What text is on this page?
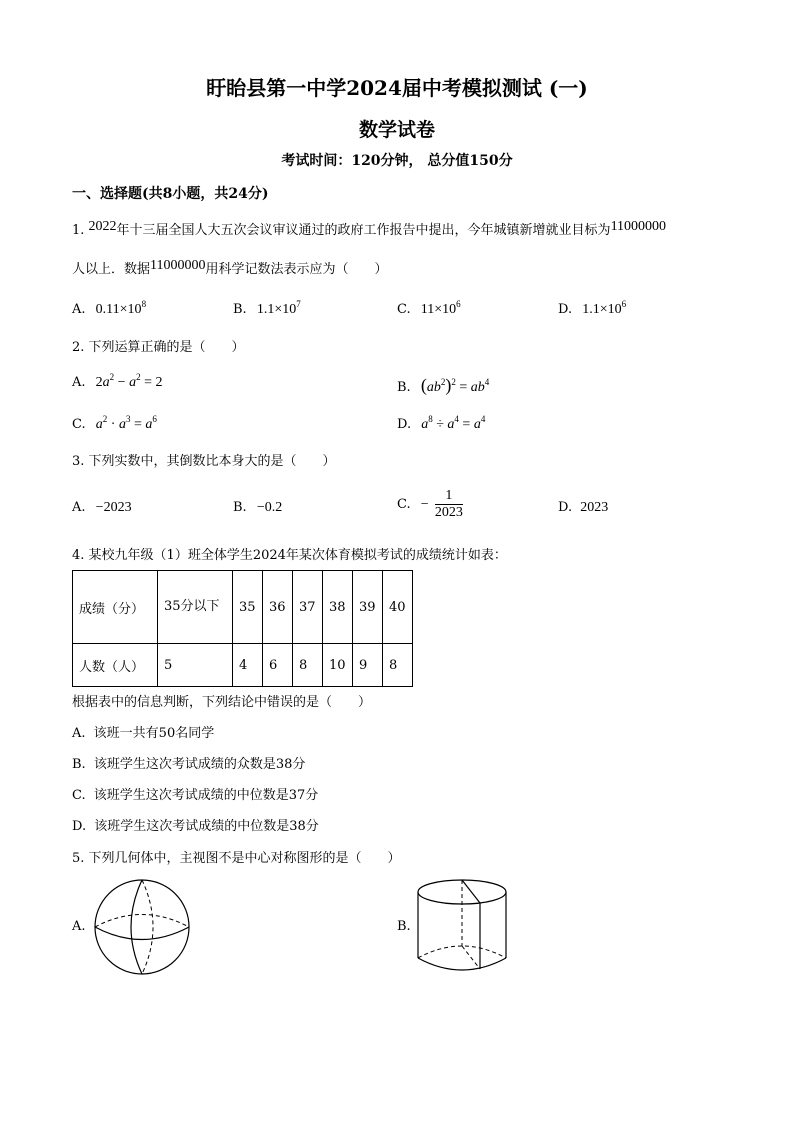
盱眙县第一中学2024届中考模拟测试 (一)
数学试卷
考试时间：120分钟， 总分值150分
一、选择题(共8小题，共24分)
1. 2022年十三届全国人大五次会议审议通过的政府工作报告中提出，今年城镇新增就业目标为11000000
人以上．数据11000000用科学记数法表示应为（　　）
A. $0.11\times 10^8$	B. $1.1\times 10^7$	C. $11\times 10^6$	D. $1.1\times 10^6$
2. 下列运算正确的是（　　）
A. $2a^2 - a^2 = 2$	B. $(ab^2)^2 = ab^4$
C. $a^2 \cdot a^3 = a^6$	D. $a^8 \div a^4 = a^4$
3. 下列实数中，其倒数比本身大的是（　　）
A. −2023	B. −0.2	C. − $\frac{1}{2023}$	D. 2023
4. 某校九年级（1）班全体学生2024年某次体育模拟考试的成绩统计如表：
成绩（分）	35分以下	35	36	37	38	39	40
人数（人）	5	4	6	8	10	9	8
根据表中的信息判断，下列结论中错误的是（　　）
A. 该班一共有50名同学
B. 该班学生这次考试成绩的众数是38分
C. 该班学生这次考试成绩的中位数是37分
D. 该班学生这次考试成绩的中位数是38分
5. 下列几何体中，主视图不是中心对称图形的是（　　）
A.	B.
